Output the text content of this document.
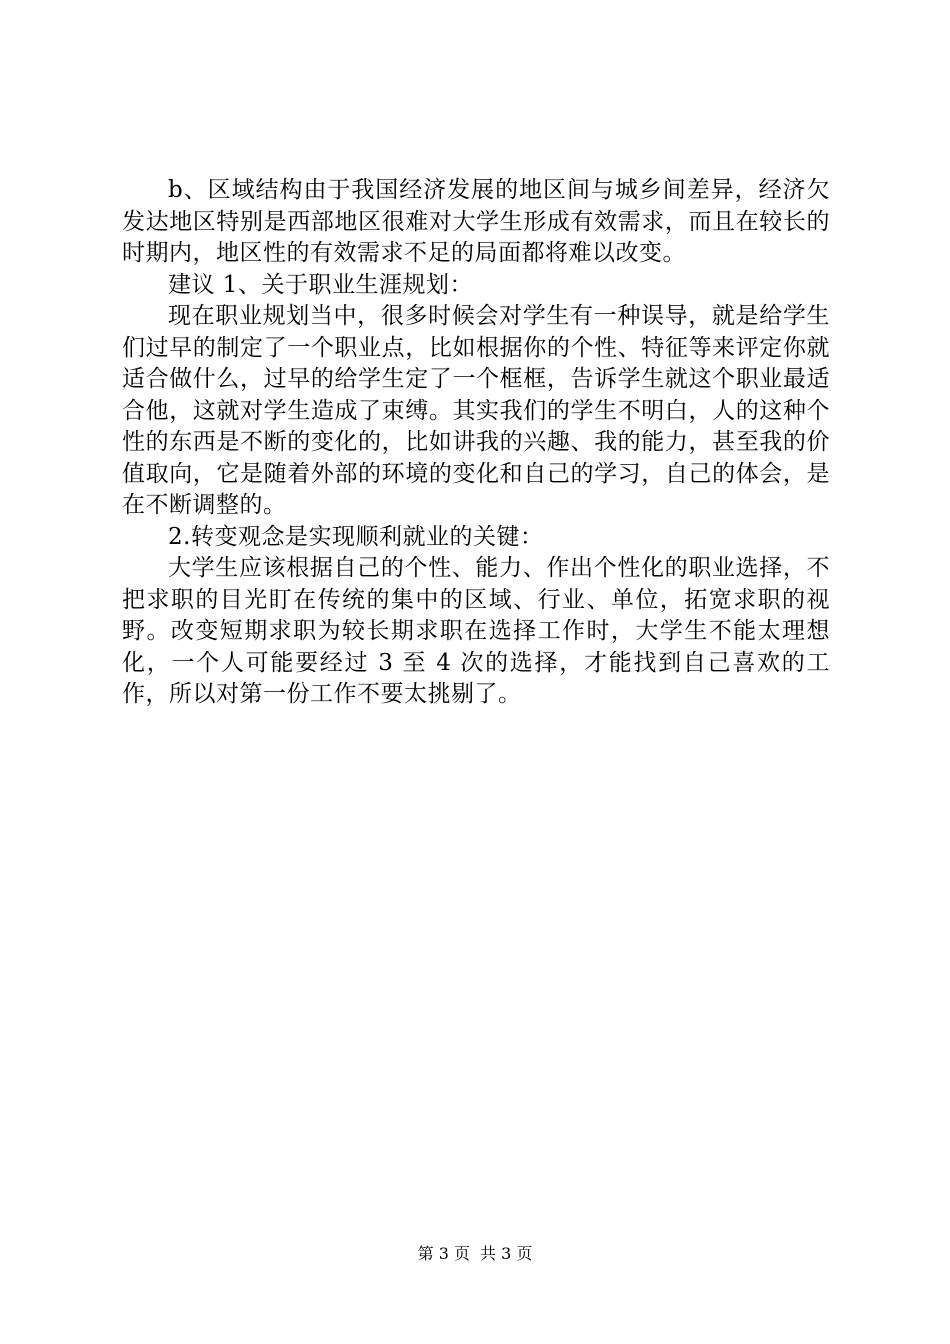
b、区域结构由于我国经济发展的地区间与城乡间差异，经济欠发达地区特别是西部地区很难对大学生形成有效需求，而且在较长的时期内，地区性的有效需求不足的局面都将难以改变。

建议 1、关于职业生涯规划：

现在职业规划当中，很多时候会对学生有一种误导，就是给学生们过早的制定了一个职业点，比如根据你的个性、特征等来评定你就适合做什么，过早的给学生定了一个框框，告诉学生就这个职业最适合他，这就对学生造成了束缚。其实我们的学生不明白，人的这种个性的东西是不断的变化的，比如讲我的兴趣、我的能力，甚至我的价值取向，它是随着外部的环境的变化和自己的学习，自己的体会，是在不断调整的。

2.转变观念是实现顺利就业的关键：

大学生应该根据自己的个性、能力、作出个性化的职业选择，不把求职的目光盯在传统的集中的区域、行业、单位，拓宽求职的视野。改变短期求职为较长期求职在选择工作时，大学生不能太理想化，一个人可能要经过 3 至 4 次的选择，才能找到自己喜欢的工作，所以对第一份工作不要太挑剔了。

第 3 页 共 3 页
